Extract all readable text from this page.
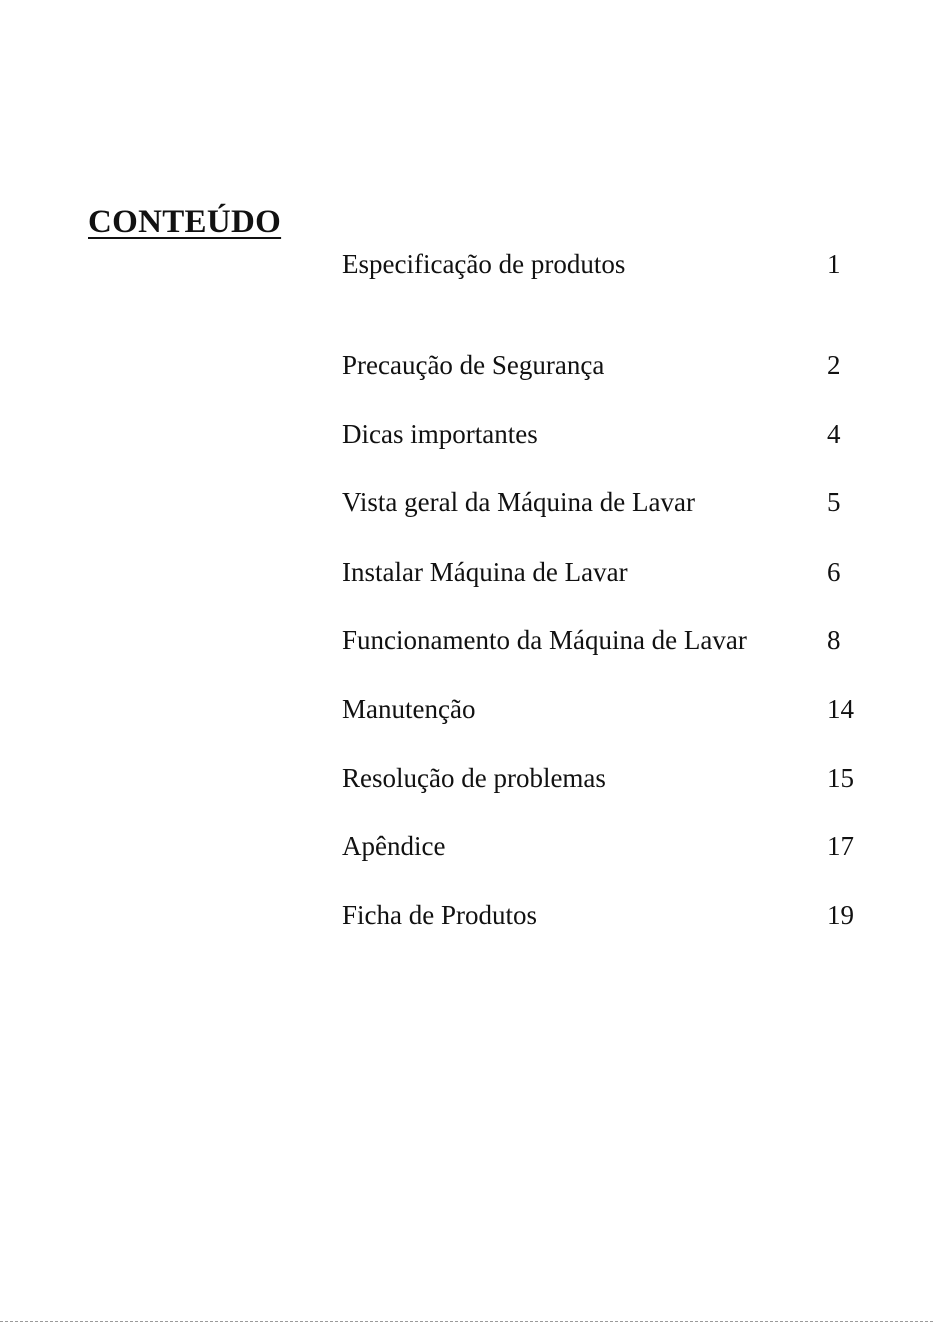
CONTEÚDO
Especificação de produtos	1
Precaução de Segurança	2
Dicas importantes	4
Vista geral da Máquina de Lavar	5
Instalar Máquina de Lavar	6
Funcionamento da Máquina de Lavar	8
Manutenção	14
Resolução de problemas	15
Apêndice	17
Ficha de Produtos	19
